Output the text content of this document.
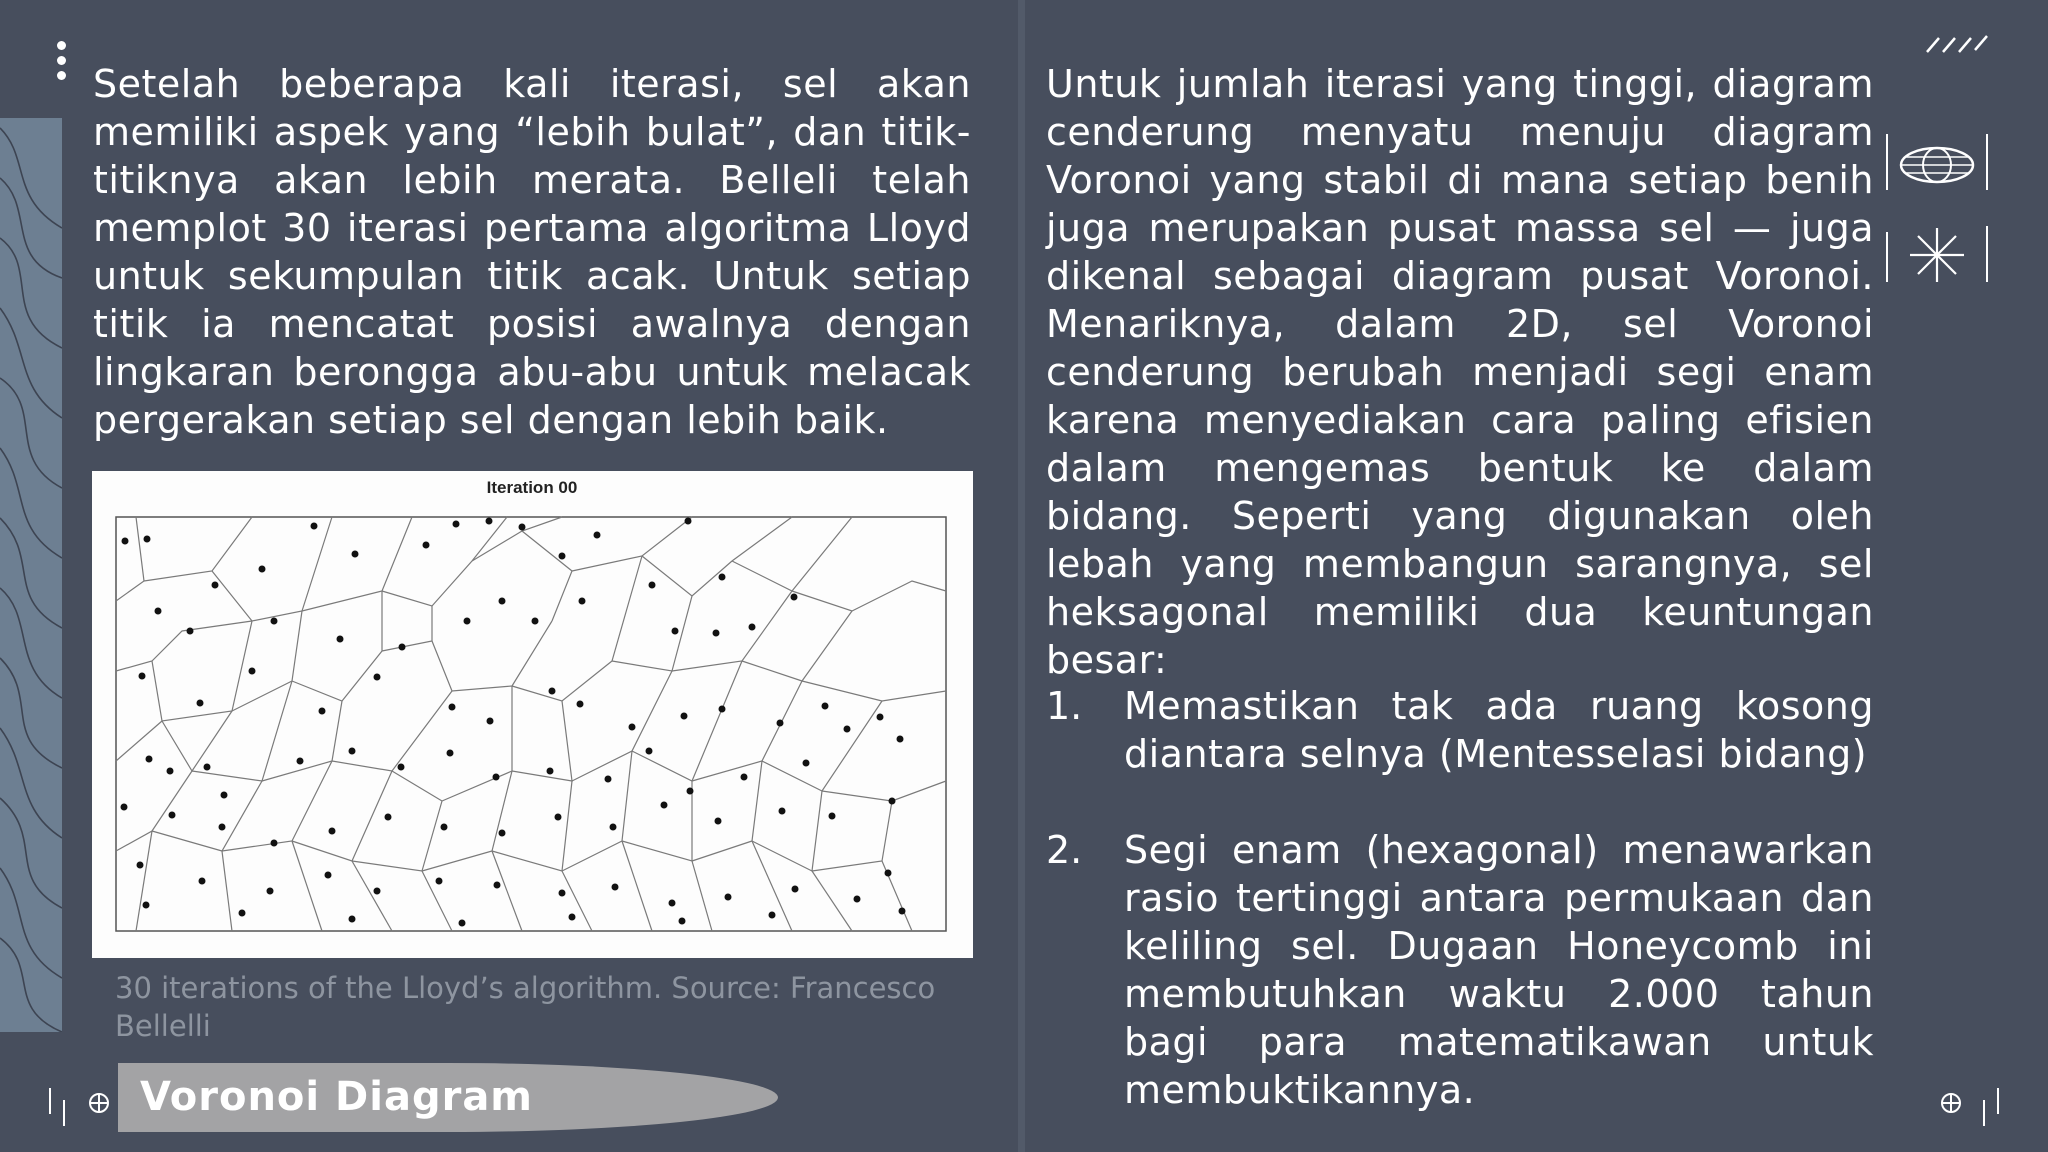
Setelah beberapa kali iterasi, sel akan memiliki aspek yang “lebih bulat”, dan titik-titiknya akan lebih merata. Belleli telah memplot 30 iterasi pertama algoritma Lloyd untuk sekumpulan titik acak. Untuk setiap titik ia mencatat posisi awalnya dengan lingkaran berongga abu-abu untuk melacak pergerakan setiap sel dengan lebih baik.

Iteration 00
30 iterations of the Lloyd’s algorithm. Source: Francesco Bellelli

Untuk jumlah iterasi yang tinggi, diagram cenderung menyatu menuju diagram Voronoi yang stabil di mana setiap benih juga merupakan pusat massa sel — juga dikenal sebagai diagram pusat Voronoi. Menariknya, dalam 2D, sel Voronoi cenderung berubah menjadi segi enam karena menyediakan cara paling efisien dalam mengemas bentuk ke dalam bidang. Seperti yang digunakan oleh lebah yang membangun sarangnya, sel heksagonal memiliki dua keuntungan besar:

1. Memastikan tak ada ruang kosong diantara selnya (Mentesselasi bidang)
2. Segi enam (hexagonal) menawarkan rasio tertinggi antara permukaan dan keliling sel. Dugaan Honeycomb ini membutuhkan waktu 2.000 tahun bagi para matematikawan untuk membuktikannya.
Voronoi Diagram
